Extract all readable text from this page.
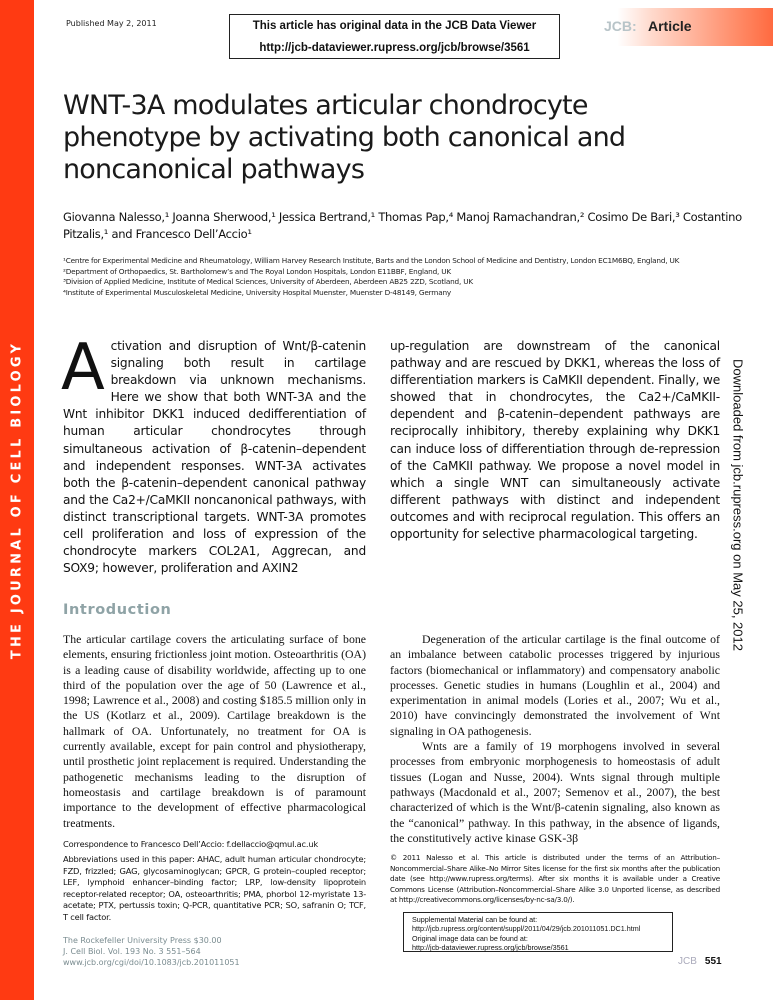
THE JOURNAL OF CELL BIOLOGY
Published May 2, 2011	This article has original data in the JCB Data Viewer
http://jcb-dataviewer.rupress.org/jcb/browse/3561
JCB: Article
WNT-3A modulates articular chondrocyte phenotype by activating both canonical and noncanonical pathways
Giovanna Nalesso,¹ Joanna Sherwood,¹ Jessica Bertrand,¹ Thomas Pap,⁴ Manoj Ramachandran,² Cosimo De Bari,³ Costantino Pitzalis,¹ and Francesco Dell’Accio¹
¹Centre for Experimental Medicine and Rheumatology, William Harvey Research Institute, Barts and the London School of Medicine and Dentistry, London EC1M6BQ, England, UK
²Department of Orthopaedics, St. Bartholomew’s and The Royal London Hospitals, London E11BBF, England, UK
³Division of Applied Medicine, Institute of Medical Sciences, University of Aberdeen, Aberdeen AB25 2ZD, Scotland, UK
⁴Institute of Experimental Musculoskeletal Medicine, University Hospital Muenster, Muenster D-48149, Germany
Activation and disruption of Wnt/β-catenin signaling both result in cartilage breakdown via unknown mechanisms. Here we show that both WNT-3A and the Wnt inhibitor DKK1 induced dedifferentiation of human articular chondrocytes through simultaneous activation of β-catenin–dependent and independent responses. WNT-3A activates both the β-catenin–dependent canonical pathway and the Ca2+/CaMKII noncanonical pathways, with distinct transcriptional targets. WNT-3A promotes cell proliferation and loss of expression of the chondrocyte markers COL2A1, Aggrecan, and SOX9; however, proliferation and AXIN2
up-regulation are downstream of the canonical pathway and are rescued by DKK1, whereas the loss of differentiation markers is CaMKII dependent. Finally, we showed that in chondrocytes, the Ca2+/CaMKII-dependent and β-catenin–dependent pathways are reciprocally inhibitory, thereby explaining why DKK1 can induce loss of differentiation through de-repression of the CaMKII pathway. We propose a novel model in which a single WNT can simultaneously activate different pathways with distinct and independent outcomes and with reciprocal regulation. This offers an opportunity for selective pharmacological targeting.	Downloaded from jcb.rupress.org on May 25, 2012
Introduction
The articular cartilage covers the articulating surface of bone elements, ensuring frictionless joint motion. Osteoarthritis (OA) is a leading cause of disability worldwide, affecting up to one third of the population over the age of 50 (Lawrence et al., 1998; Lawrence et al., 2008) and costing $185.5 million only in the US (Kotlarz et al., 2009). Cartilage breakdown is the hallmark of OA. Unfortunately, no treatment for OA is currently available, except for pain control and physiotherapy, until prosthetic joint replacement is required. Understanding the pathogenetic mechanisms leading to the disruption of homeostasis and cartilage breakdown is of paramount importance to the development of effective pharmacological treatments.

Degeneration of the articular cartilage is the final outcome of an imbalance between catabolic processes triggered by injurious factors (biomechanical or inflammatory) and compensatory anabolic processes. Genetic studies in humans (Loughlin et al., 2004) and experimentation in animal models (Lories et al., 2007; Wu et al., 2010) have convincingly demonstrated the involvement of Wnt signaling in OA pathogenesis.

Wnts are a family of 19 morphogens involved in several processes from embryonic morphogenesis to homeostasis of adult tissues (Logan and Nusse, 2004). Wnts signal through multiple pathways (Macdonald et al., 2007; Semenov et al., 2007), the best characterized of which is the Wnt/β-catenin signaling, also known as the “canonical” pathway. In this pathway, in the absence of ligands, the constitutively active kinase GSK-3β

Correspondence to Francesco Dell’Accio: f.dellaccio@qmul.ac.uk
Abbreviations used in this paper: AHAC, adult human articular chondrocyte; FZD, frizzled; GAG, glycosaminoglycan; GPCR, G protein–coupled receptor; LEF, lymphoid enhancer–binding factor; LRP, low-density lipoprotein receptor-related receptor; OA, osteoarthritis; PMA, phorbol 12-myristate 13-acetate; PTX, pertussis toxin; Q-PCR, quantitative PCR; SO, safranin O; TCF, T cell factor.
The Rockefeller University Press $30.00
J. Cell Biol. Vol. 193 No. 3 551–564
www.jcb.org/cgi/doi/10.1083/jcb.201011051
© 2011 Nalesso et al. This article is distributed under the terms of an Attribution–Noncommercial–Share Alike–No Mirror Sites license for the first six months after the publication date (see http://www.rupress.org/terms). After six months it is available under a Creative Commons License (Attribution–Noncommercial–Share Alike 3.0 Unported license, as described at http://creativecommons.org/licenses/by-nc-sa/3.0/).
Supplemental Material can be found at:
http://jcb.rupress.org/content/suppl/2011/04/29/jcb.201011051.DC1.html
Original image data can be found at:
http://jcb-dataviewer.rupress.org/jcb/browse/3561
JCB 551
